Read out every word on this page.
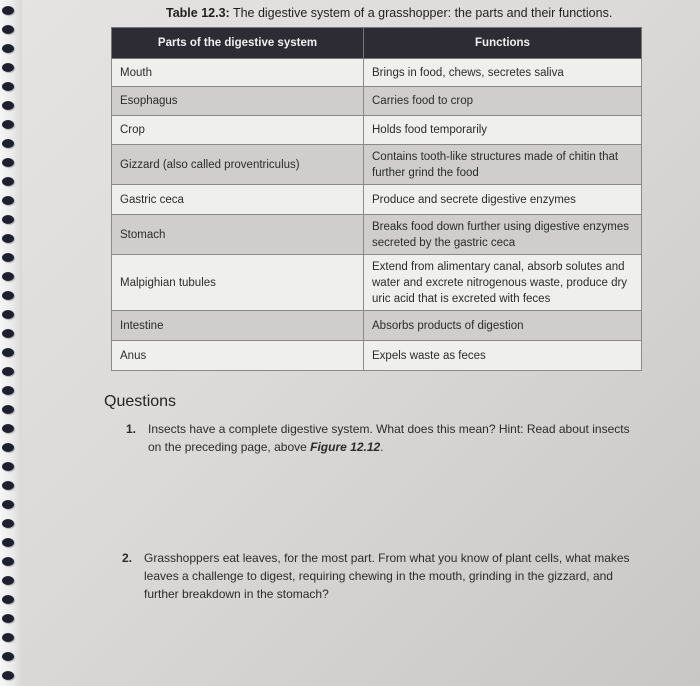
Table 12.3: The digestive system of a grasshopper: the parts and their functions.
Parts of the digestive system	Functions
Mouth	Brings in food, chews, secretes saliva
Esophagus	Carries food to crop
Crop	Holds food temporarily
Gizzard (also called proventriculus)	Contains tooth-like structures made of chitin that further grind the food
Gastric ceca	Produce and secrete digestive enzymes
Stomach	Breaks food down further using digestive enzymes secreted by the gastric ceca
Malpighian tubules	Extend from alimentary canal, absorb solutes and water and excrete nitrogenous waste, produce dry uric acid that is excreted with feces
Intestine	Absorbs products of digestion
Anus	Expels waste as feces
Questions
1. Insects have a complete digestive system. What does this mean? Hint: Read about insects on the preceding page, above Figure 12.12.
2. Grasshoppers eat leaves, for the most part. From what you know of plant cells, what makes leaves a challenge to digest, requiring chewing in the mouth, grinding in the gizzard, and further breakdown in the stomach?
